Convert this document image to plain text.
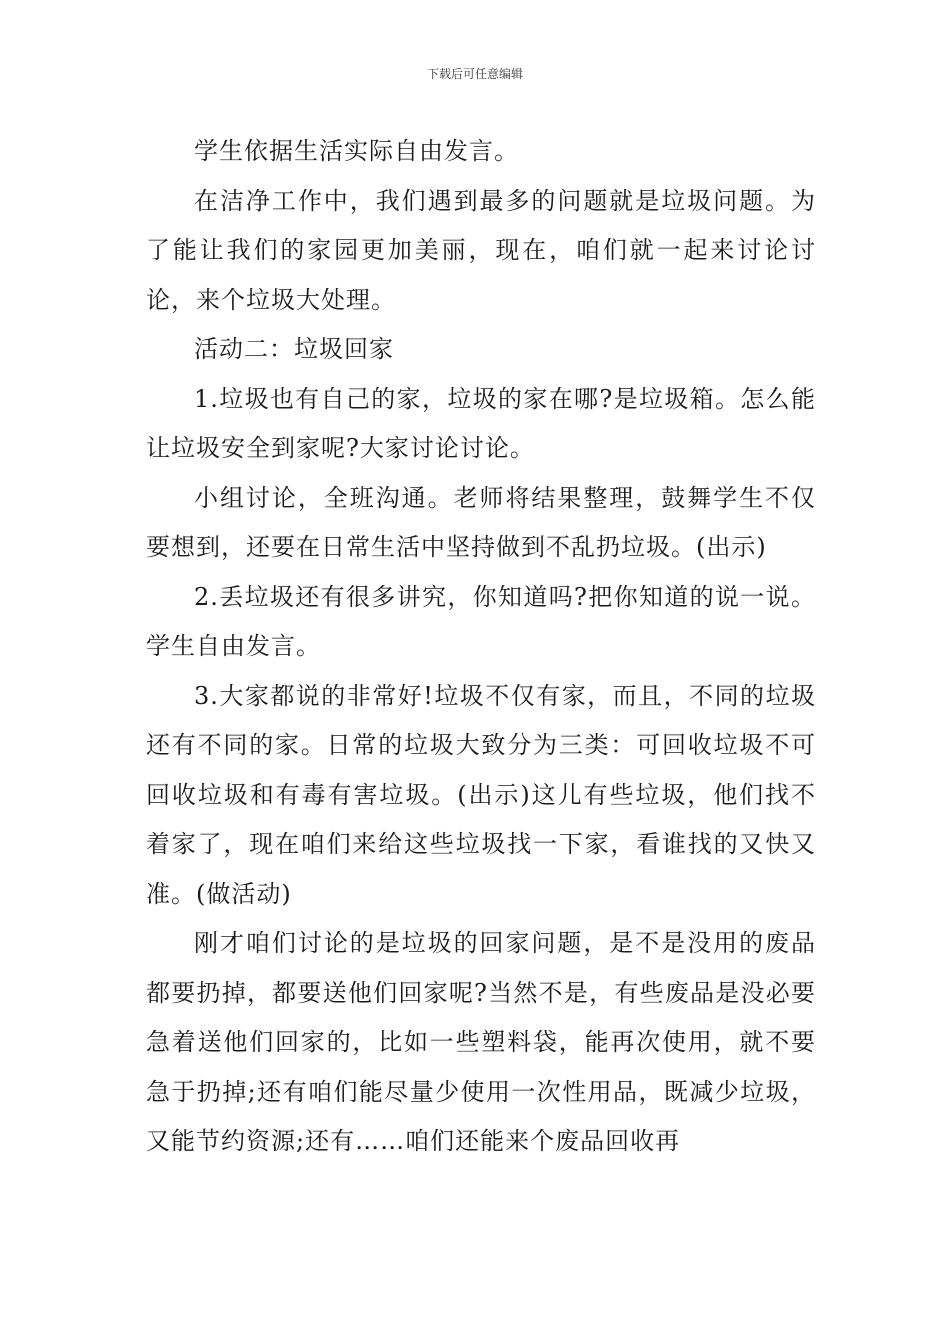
下载后可任意编辑

学生依据生活实际自由发言。

在洁净工作中，我们遇到最多的问题就是垃圾问题。为了能让我们的家园更加美丽，现在，咱们就一起来讨论讨论，来个垃圾大处理。

活动二：垃圾回家

1.垃圾也有自己的家，垃圾的家在哪?是垃圾箱。怎么能让垃圾安全到家呢?大家讨论讨论。

小组讨论，全班沟通。老师将结果整理，鼓舞学生不仅要想到，还要在日常生活中坚持做到不乱扔垃圾。(出示)

2.丢垃圾还有很多讲究，你知道吗?把你知道的说一说。学生自由发言。

3.大家都说的非常好!垃圾不仅有家，而且，不同的垃圾还有不同的家。日常的垃圾大致分为三类：可回收垃圾不可回收垃圾和有毒有害垃圾。(出示)这儿有些垃圾，他们找不着家了，现在咱们来给这些垃圾找一下家，看谁找的又快又准。(做活动)

刚才咱们讨论的是垃圾的回家问题，是不是没用的废品都要扔掉，都要送他们回家呢?当然不是，有些废品是没必要急着送他们回家的，比如一些塑料袋，能再次使用，就不要急于扔掉;还有咱们能尽量少使用一次性用品，既减少垃圾，又能节约资源;还有……咱们还能来个废品回收再
